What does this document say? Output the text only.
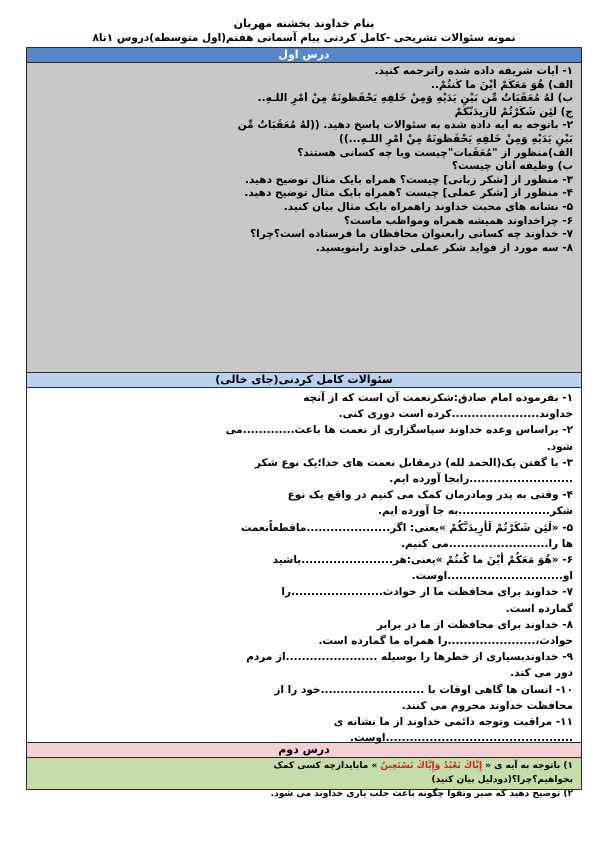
بنام خداوند بخشنه مهربان
نمونه سئوالات تشریحی -کامل کردنی پیام آسمانی هفتم(اول متوسطه)دروس ۱تا۸
درس اول
۱- آیات شریفه داده شده راترجمه کنید.
الف) هُوَ مَعَکُمْ أَیْنَ ما کُنتُمْ..
ب) لَهُ مُعَقِّبَاتٌ مِّن بَیْنِ یَدَیْهِ وَمِنْ خَلْفِهِ یَحْفَظُونَهُ مِنْ أَمْرِ اللَّـهِ..
ج) لَئِن شَکَرْتُمْ لَأَزِیدَنَّکُمْ
۲- باتوجه به آیه داده شده به سئوالات پاسخ دهید. ((لَهُ مُعَقِّبَاتٌ مِّن
بَیْنِ یَدَیْهِ وَمِنْ خَلْفِهِ یَحْفَظُونَهُ مِنْ أَمْرِ اللَّـهِ...))
الف)منظور از "مُعَقِّبات"چیست وبا چه کسانی هستند؟
ب) وظیفه آنان چیست؟
۳- منظور از [شکر زبانی] چیست؟ همراه بایک مثال توضیح دهید.
۴- منظور از [شکر عملی] چیست ؟همراه بایک مثال توضیح دهید.
۵- نشانه های محبت خداوند راهمراه بایک مثال بیان کنید.
۶- چراخداوند همیشه همراه ومواظب ماست؟
۷- خداوند چه کسانی رابعنوان محافظان ما فرستاده است؟چرا؟
۸- سه مورد از فواید شکر عملی خداوند رابنویسید.
سئوالات کامل کردنی(جای خالی)
۱- بفرموده امام صادق:شکرنعمت آن است که از آنچه
خداوند......................کرده است دوری کنی.
۲- براساس وعده خداوند سپاسگزاری از نعمت ها باعث.............می
شود.
۳- با گفتن یک(الحمد لله) درمقابل نعمت های خدا؛یک نوع شکر
..........................رابجا آورده ایم.
۴- وقتی به پدر ومادرمان کمک می کنیم در واقع یک نوع
شکر.......................به جا آورده ایم.
۵- «لَئِن شَکَرْتُمْ لَأَزِیدَنَّکُمْ »یعنی: اگر.....................ماقطعاًنعمت
ها را.........................می کنیم.
۶- «هُوَ مَعَکُمْ أَیْنَ ما کُنتُمْ »یعنی:هر.......................باشید
او.............................اوست.
۷- خداوند برای محافظت ما از حوادث.......................را
گمارده است.
۸- خداوند برای محافظت از ما در برابر
حوادث،......................را همراه ما گمارده است.
۹- خداوندبسیاری از خطرها را بوسیله .......................از مردم
دور می کند.
۱۰- انسان ها گاهی اوقات با ..........................خود را از
محافظت خداوند محروم می کنند.
۱۱- مراقبت وتوجه دائمی خداوند از ما نشانه ی
...............................................اوست.
درس دوم
۱) باتوجه به آیه ی « إِيَّاكَ نَعْبُدُ وَإِيَّاكَ نَسْتَعِينُ » مابایدازچه کسی کمک
بخواهیم؟چرا؟(دودلیل بیان کنید)
۲) توضیح دهید که صبر وتقوا چگونه باعث جلب یاری خداوند می شود.
